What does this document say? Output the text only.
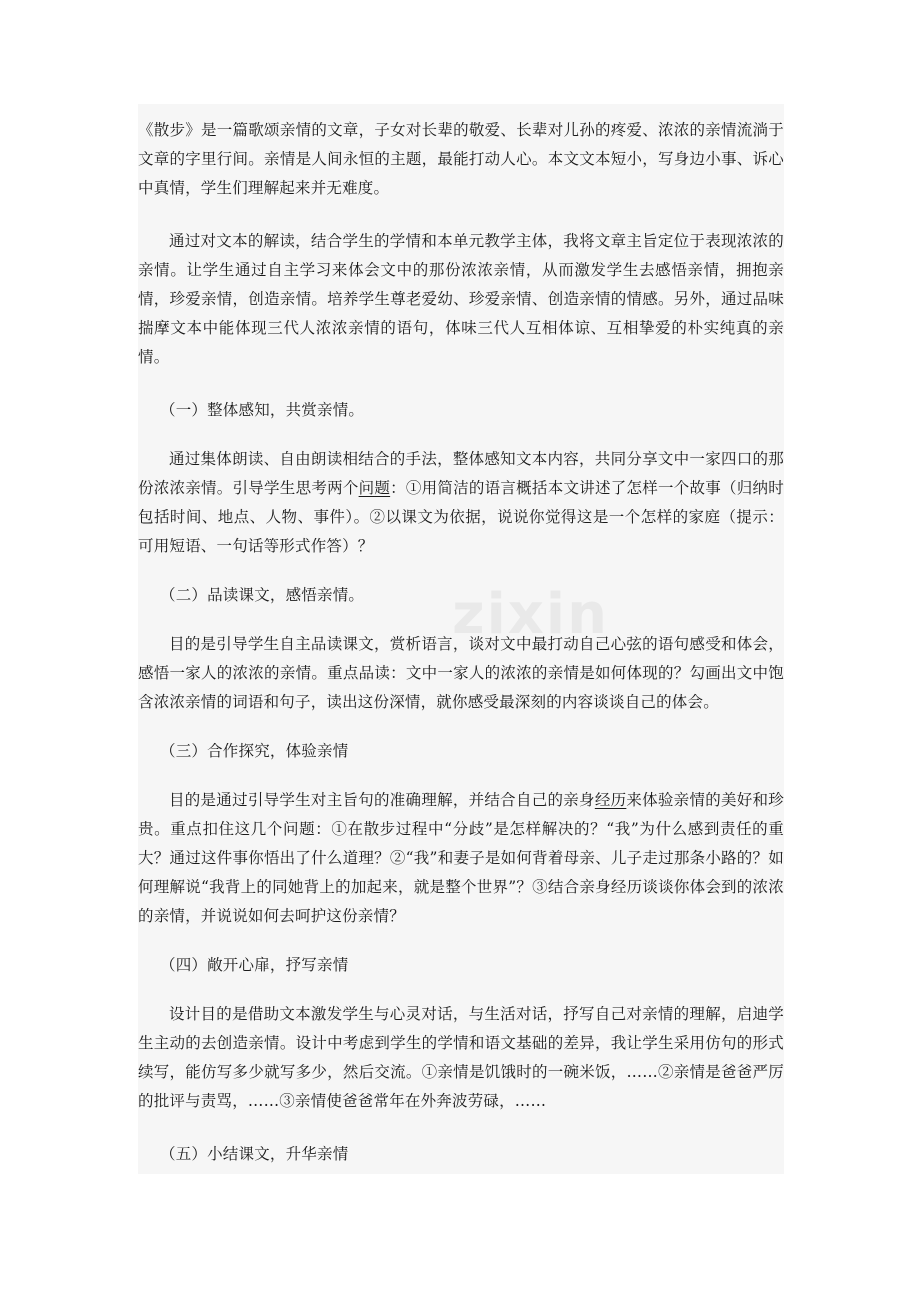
《散步》是一篇歌颂亲情的文章，子女对长辈的敬爱、长辈对儿孙的疼爱、浓浓的亲情流淌于文章的字里行间。亲情是人间永恒的主题，最能打动人心。本文文本短小，写身边小事、诉心中真情，学生们理解起来并无难度。

通过对文本的解读，结合学生的学情和本单元教学主体，我将文章主旨定位于表现浓浓的亲情。让学生通过自主学习来体会文中的那份浓浓亲情，从而激发学生去感悟亲情，拥抱亲情，珍爱亲情，创造亲情。培养学生尊老爱幼、珍爱亲情、创造亲情的情感。另外，通过品味揣摩文本中能体现三代人浓浓亲情的语句，体味三代人互相体谅、互相挚爱的朴实纯真的亲情。

（一）整体感知，共赏亲情。

通过集体朗读、自由朗读相结合的手法，整体感知文本内容，共同分享文中一家四口的那份浓浓亲情。引导学生思考两个问题：①用简洁的语言概括本文讲述了怎样一个故事（归纳时包括时间、地点、人物、事件）。②以课文为依据，说说你觉得这是一个怎样的家庭（提示：可用短语、一句话等形式作答）？

（二）品读课文，感悟亲情。

目的是引导学生自主品读课文，赏析语言，谈对文中最打动自己心弦的语句感受和体会，感悟一家人的浓浓的亲情。重点品读：文中一家人的浓浓的亲情是如何体现的？勾画出文中饱含浓浓亲情的词语和句子，读出这份深情，就你感受最深刻的内容谈谈自己的体会。

（三）合作探究，体验亲情

目的是通过引导学生对主旨句的准确理解，并结合自己的亲身经历来体验亲情的美好和珍贵。重点扣住这几个问题：①在散步过程中“分歧”是怎样解决的？“我”为什么感到责任的重大？通过这件事你悟出了什么道理？②“我”和妻子是如何背着母亲、儿子走过那条小路的？如何理解说“我背上的同她背上的加起来，就是整个世界”？③结合亲身经历谈谈你体会到的浓浓的亲情，并说说如何去呵护这份亲情？

（四）敞开心扉，抒写亲情

设计目的是借助文本激发学生与心灵对话，与生活对话，抒写自己对亲情的理解，启迪学生主动的去创造亲情。设计中考虑到学生的学情和语文基础的差异，我让学生采用仿句的形式续写，能仿写多少就写多少，然后交流。①亲情是饥饿时的一碗米饭，……②亲情是爸爸严厉的批评与责骂，……③亲情使爸爸常年在外奔波劳碌，……

（五）小结课文，升华亲情
